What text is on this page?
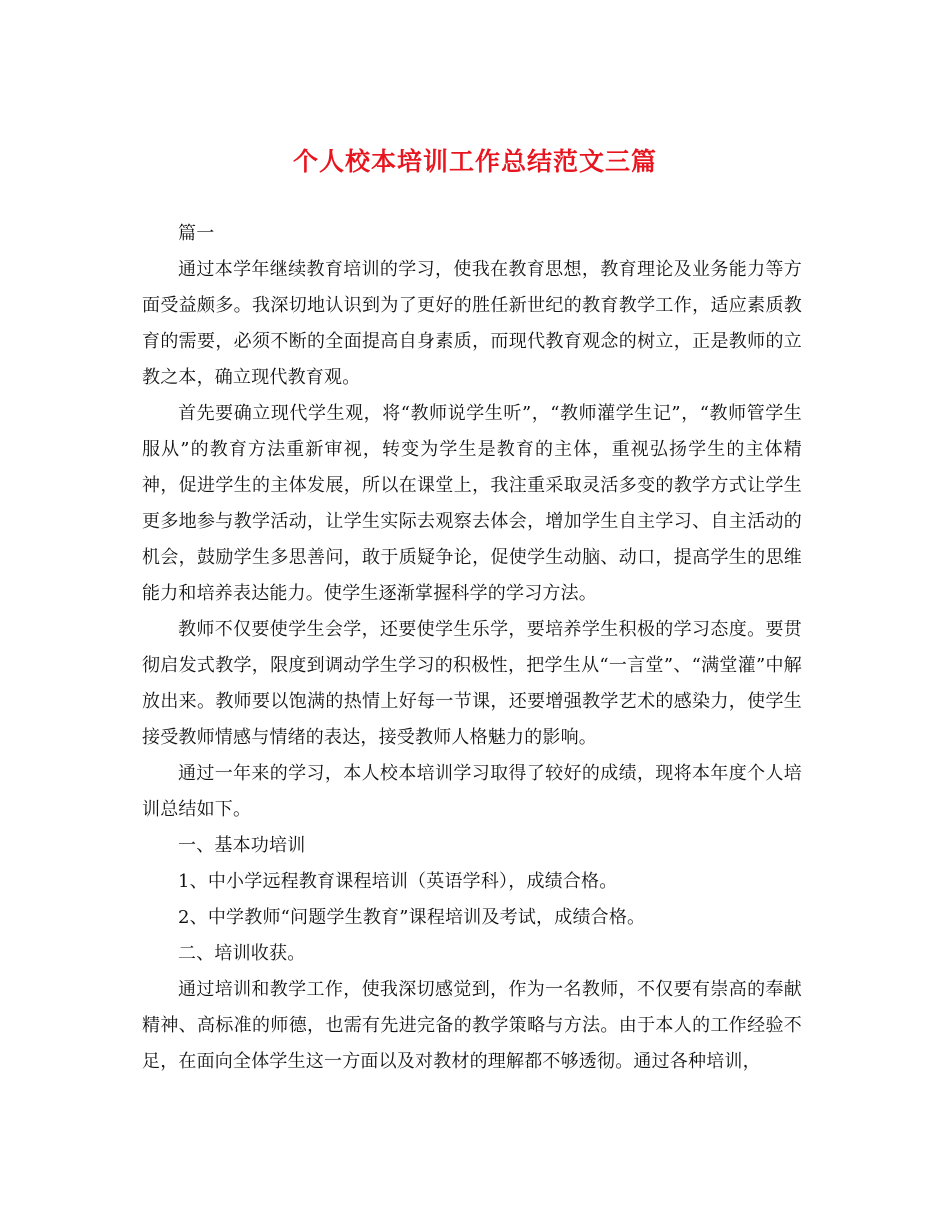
个人校本培训工作总结范文三篇

篇一

通过本学年继续教育培训的学习，使我在教育思想，教育理论及业务能力等方面受益颇多。我深切地认识到为了更好的胜任新世纪的教育教学工作，适应素质教育的需要，必须不断的全面提高自身素质，而现代教育观念的树立，正是教师的立教之本，确立现代教育观。

首先要确立现代学生观，将“教师说学生听”，“教师灌学生记”，“教师管学生服从”的教育方法重新审视，转变为学生是教育的主体，重视弘扬学生的主体精神，促进学生的主体发展，所以在课堂上，我注重采取灵活多变的教学方式让学生更多地参与教学活动，让学生实际去观察去体会，增加学生自主学习、自主活动的机会，鼓励学生多思善问，敢于质疑争论，促使学生动脑、动口，提高学生的思维能力和培养表达能力。使学生逐渐掌握科学的学习方法。

教师不仅要使学生会学，还要使学生乐学，要培养学生积极的学习态度。要贯彻启发式教学，限度到调动学生学习的积极性，把学生从“一言堂”、“满堂灌”中解放出来。教师要以饱满的热情上好每一节课，还要增强教学艺术的感染力，使学生接受教师情感与情绪的表达，接受教师人格魅力的影响。

通过一年来的学习，本人校本培训学习取得了较好的成绩，现将本年度个人培训总结如下。

一、基本功培训

1、中小学远程教育课程培训（英语学科），成绩合格。

2、中学教师“问题学生教育”课程培训及考试，成绩合格。

二、培训收获。

通过培训和教学工作，使我深切感觉到，作为一名教师，不仅要有崇高的奉献精神、高标准的师德，也需有先进完备的教学策略与方法。由于本人的工作经验不足，在面向全体学生这一方面以及对教材的理解都不够透彻。通过各种培训，
